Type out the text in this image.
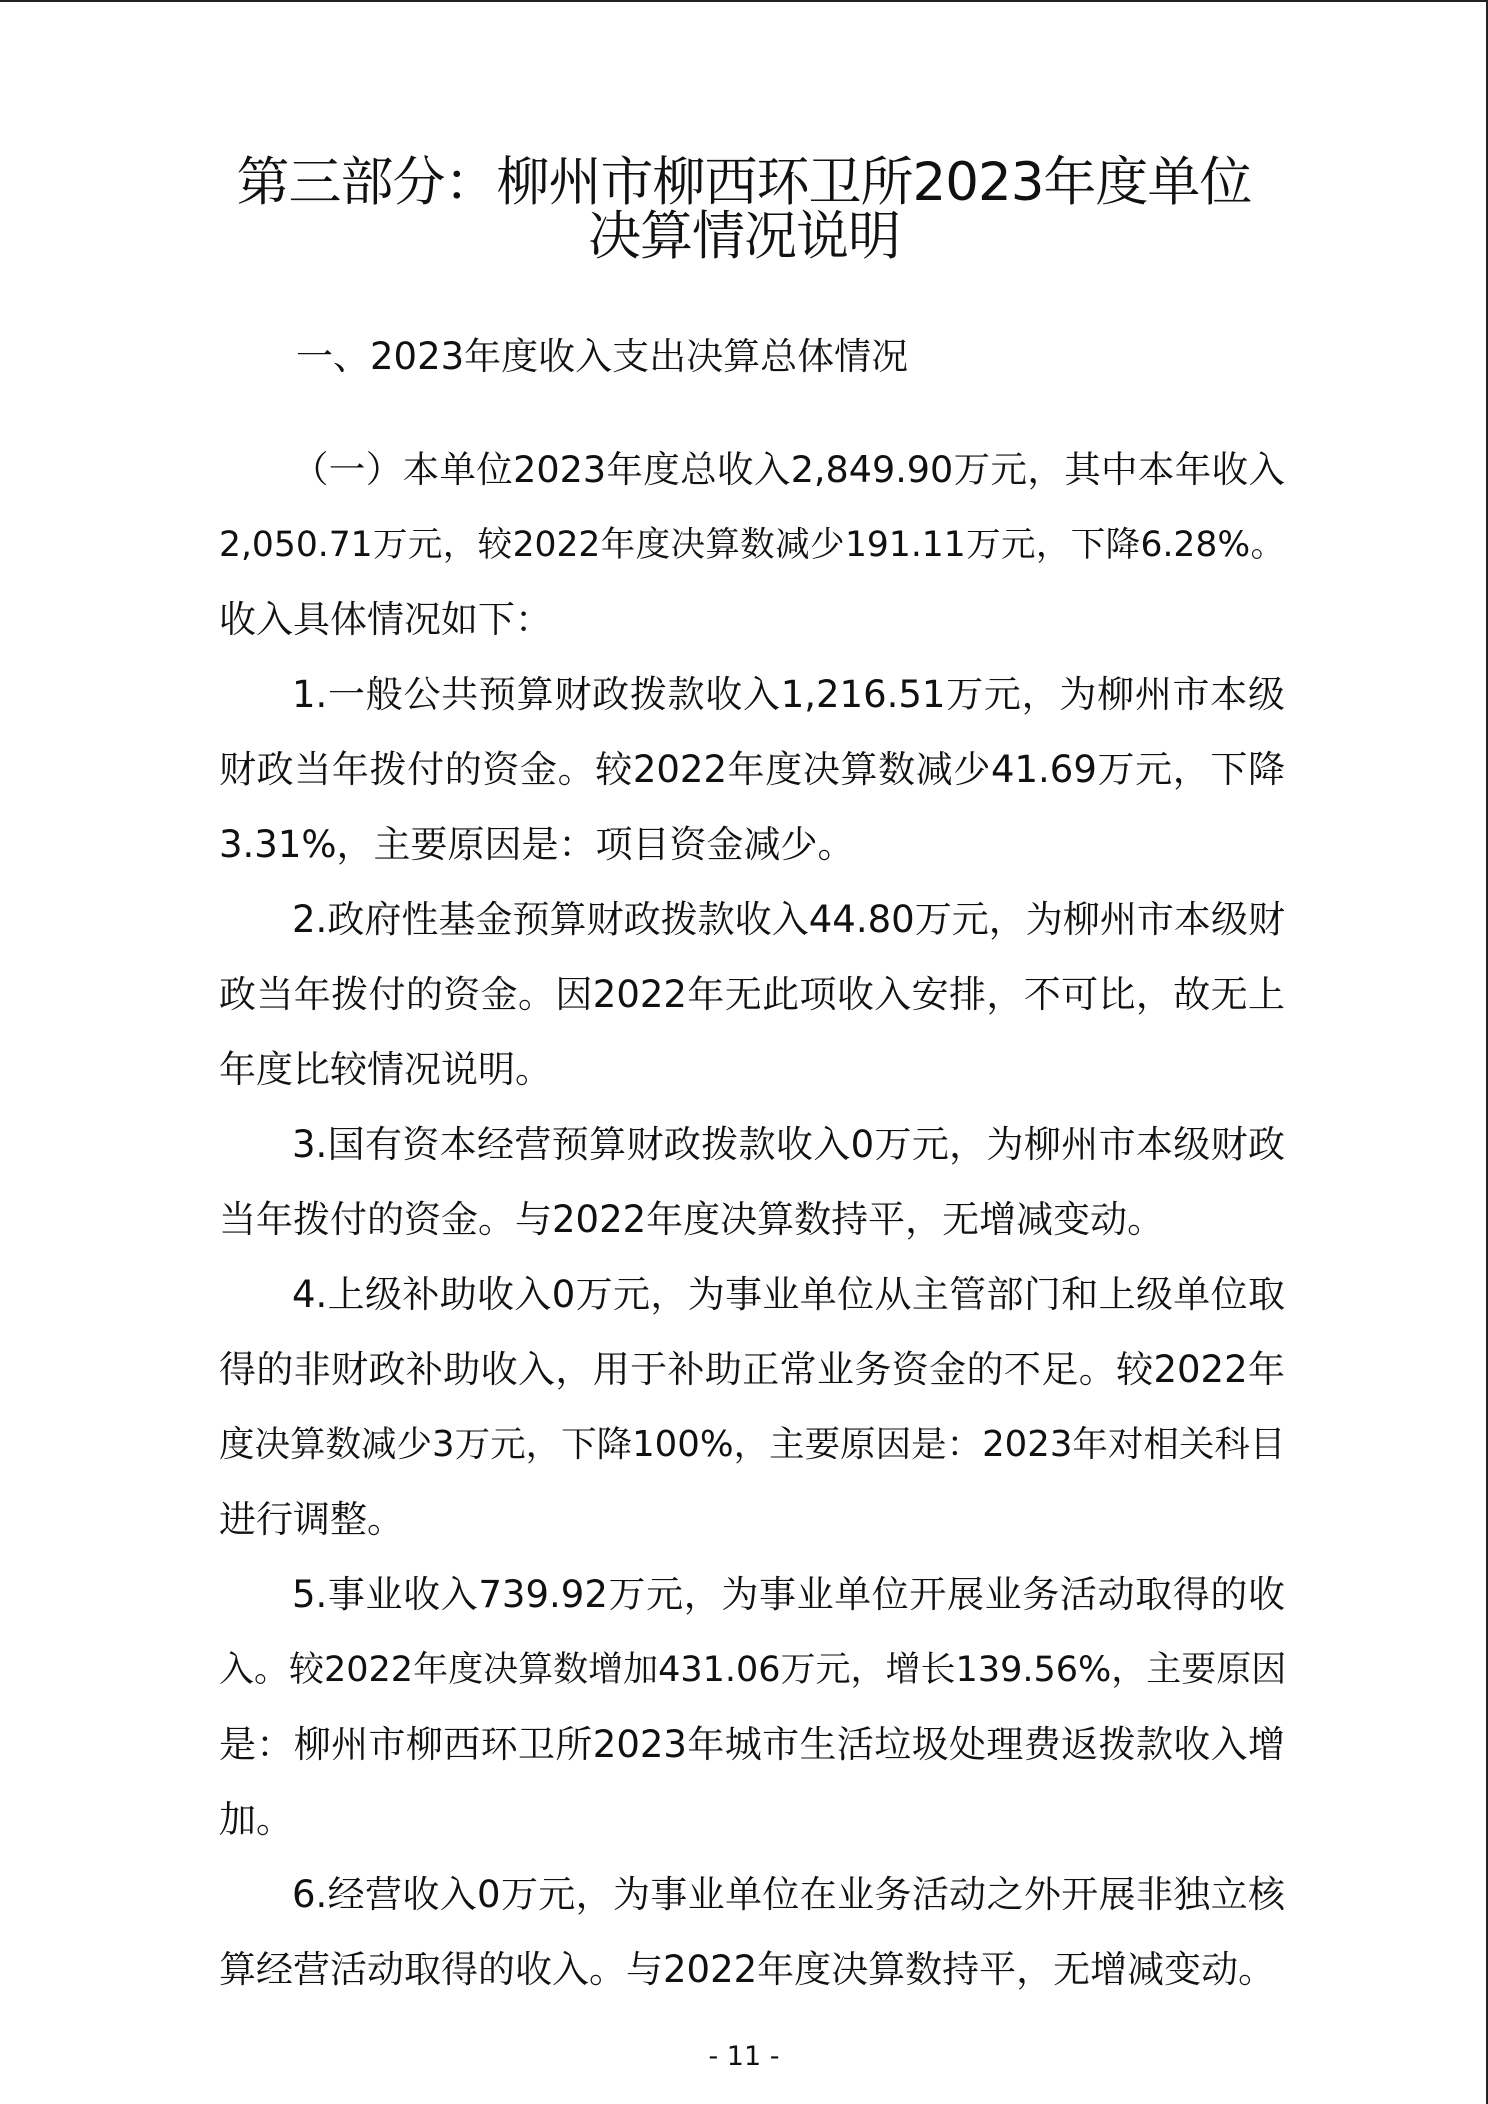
第三部分：柳州市柳西环卫所2023年度单位
决算情况说明
一、2023年度收入支出决算总体情况

（一）本单位2023年度总收入2,849.90万元，其中本年收入

2,050.71万元，较2022年度决算数减少191.11万元，下降6.28%。

收入具体情况如下：

1.一般公共预算财政拨款收入1,216.51万元，为柳州市本级

财政当年拨付的资金。较2022年度决算数减少41.69万元，下降

3.31%，主要原因是：项目资金减少。

2.政府性基金预算财政拨款收入44.80万元，为柳州市本级财

政当年拨付的资金。因2022年无此项收入安排，不可比，故无上

年度比较情况说明。

3.国有资本经营预算财政拨款收入0万元，为柳州市本级财政

当年拨付的资金。与2022年度决算数持平，无增减变动。

4.上级补助收入0万元，为事业单位从主管部门和上级单位取

得的非财政补助收入，用于补助正常业务资金的不足。较2022年

度决算数减少3万元，下降100%，主要原因是：2023年对相关科目

进行调整。

5.事业收入739.92万元，为事业单位开展业务活动取得的收

入。较2022年度决算数增加431.06万元，增长139.56%，主要原因

是：柳州市柳西环卫所2023年城市生活垃圾处理费返拨款收入增

加。

6.经营收入0万元，为事业单位在业务活动之外开展非独立核

算经营活动取得的收入。与2022年度决算数持平，无增减变动。

- 11 -
